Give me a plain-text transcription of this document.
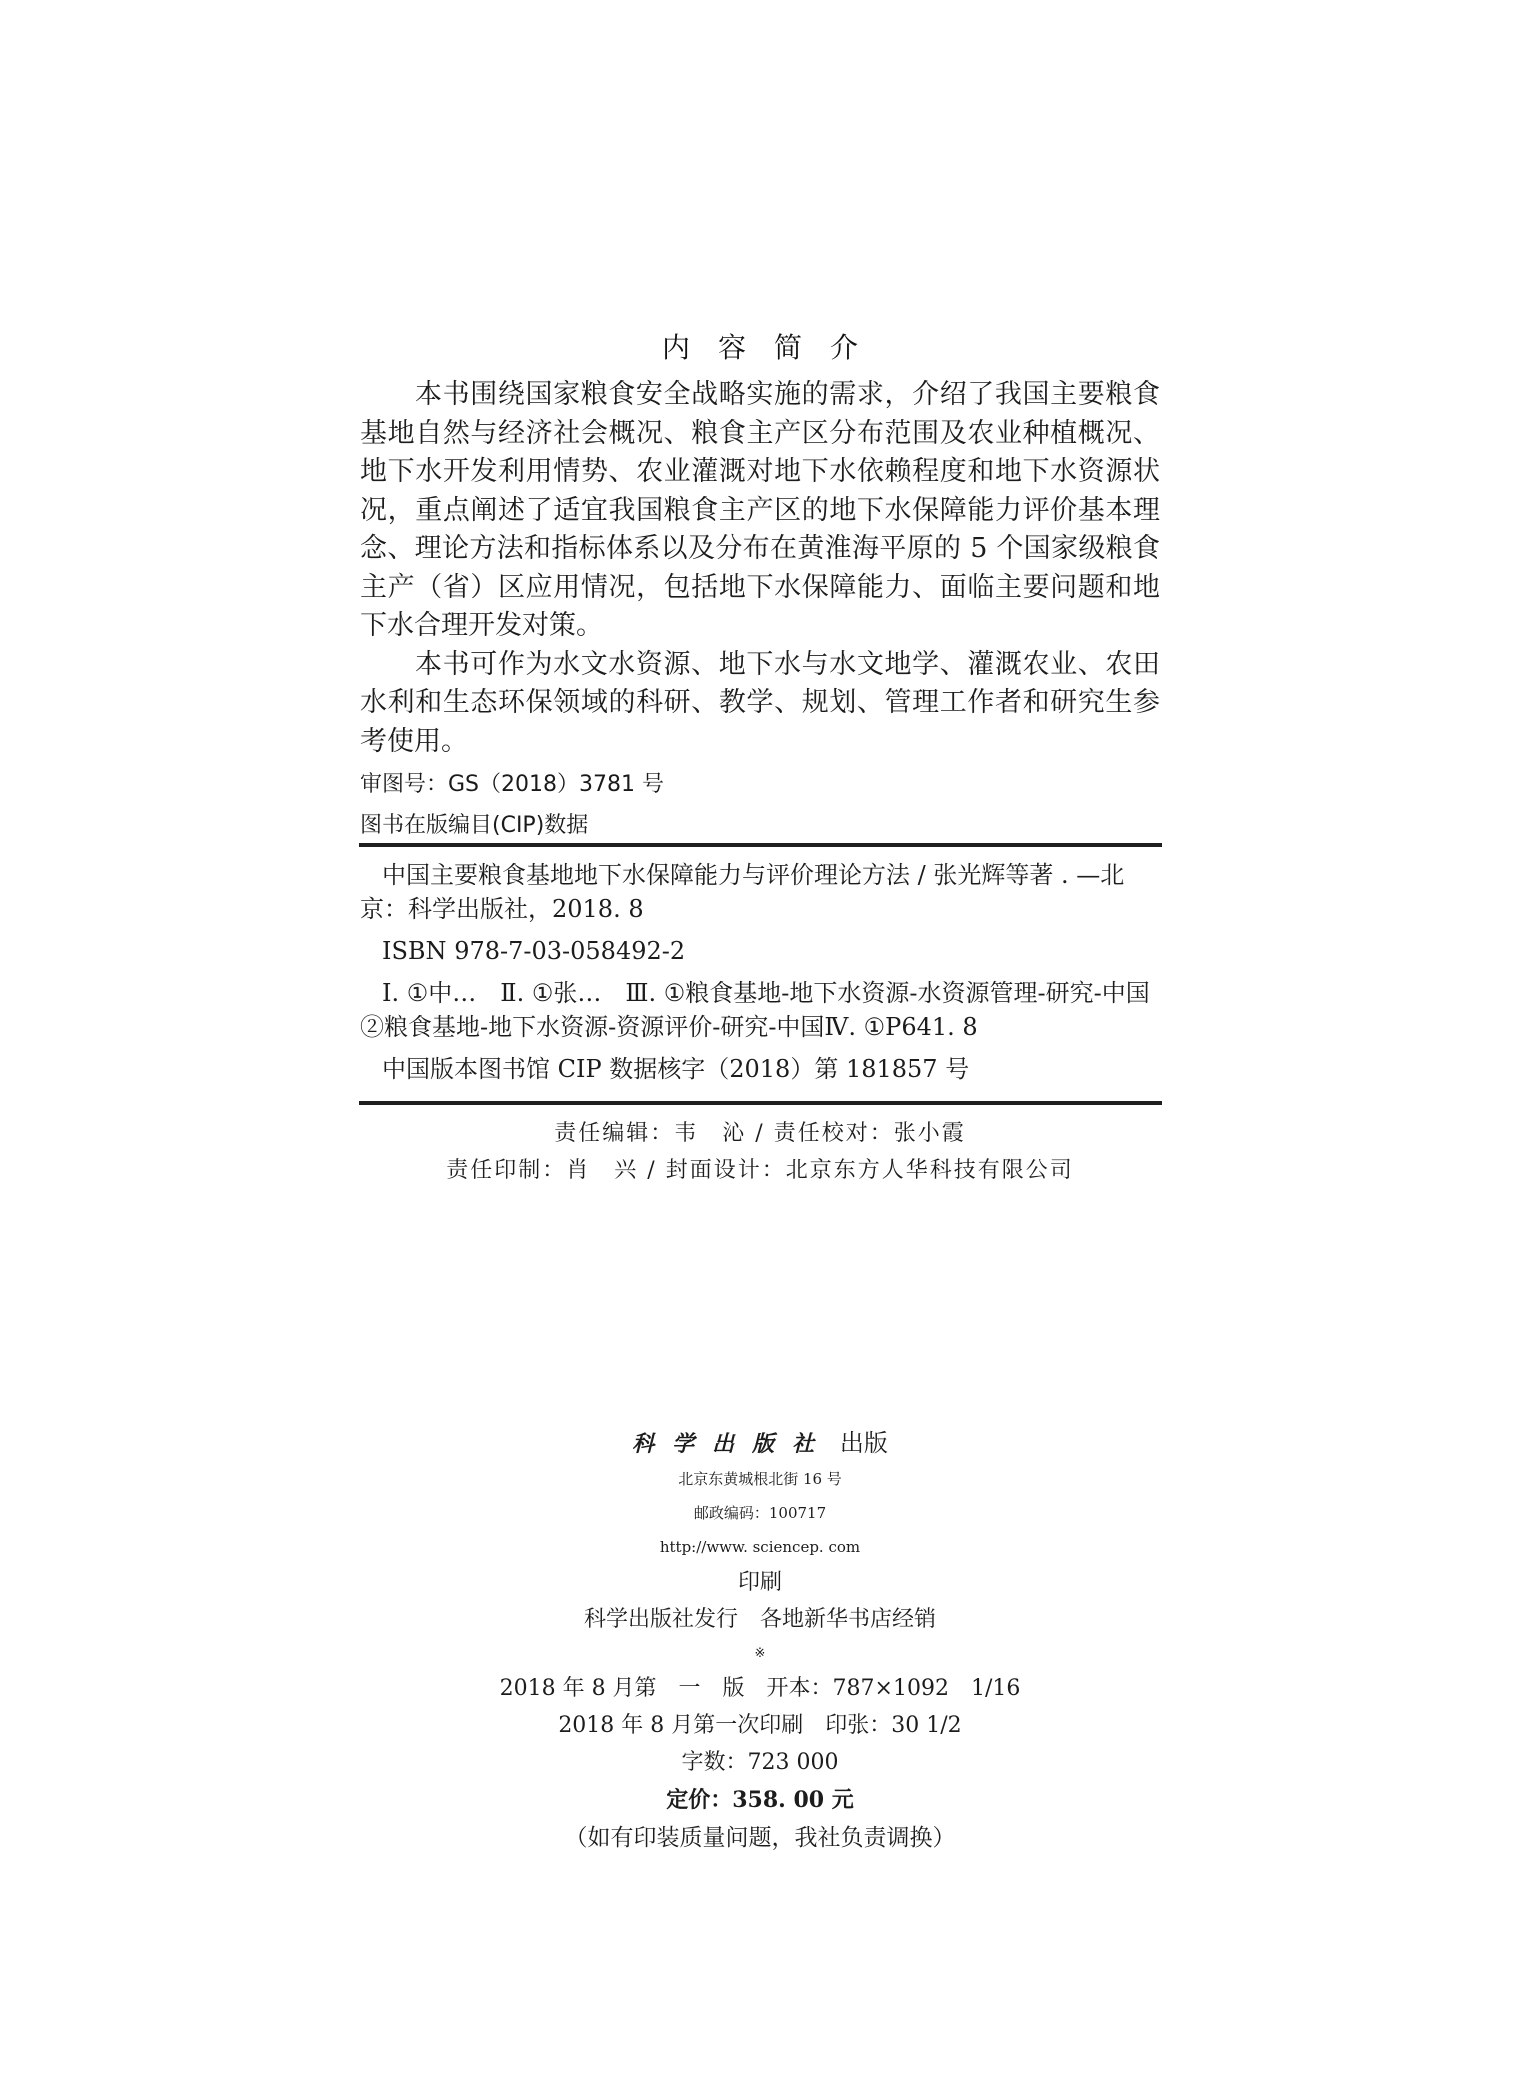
内容简介

本书围绕国家粮食安全战略实施的需求，介绍了我国主要粮食基地自然与经济社会概况、粮食主产区分布范围及农业种植概况、地下水开发利用情势、农业灌溉对地下水依赖程度和地下水资源状况，重点阐述了适宜我国粮食主产区的地下水保障能力评价基本理念、理论方法和指标体系以及分布在黄淮海平原的 5 个国家级粮食主产（省）区应用情况，包括地下水保障能力、面临主要问题和地下水合理开发对策。

本书可作为水文水资源、地下水与水文地学、灌溉农业、农田水利和生态环保领域的科研、教学、规划、管理工作者和研究生参考使用。

审图号：GS（2018）3781 号
图书在版编目(CIP)数据
中国主要粮食基地地下水保障能力与评价理论方法 / 张光辉等著 . —北
京：科学出版社，2018. 8
ISBN 978-7-03-058492-2
Ⅰ. ①中…　Ⅱ. ①张…　Ⅲ. ①粮食基地-地下水资源-水资源管理-研究-中国
②粮食基地-地下水资源-资源评价-研究-中国Ⅳ. ①P641. 8
中国版本图书馆 CIP 数据核字（2018）第 181857 号
责任编辑：韦　沁 / 责任校对：张小霞
责任印制：肖　兴 / 封面设计：北京东方人华科技有限公司
科学出版社 出版
北京东黄城根北街 16 号
邮政编码：100717
http://www. sciencep. com
印刷
科学出版社发行　各地新华书店经销
※
2018 年 8 月第　一　版　开本：787×1092　1/16
2018 年 8 月第一次印刷　印张：30 1/2
字数：723 000
定价：358. 00 元
（如有印装质量问题，我社负责调换）
